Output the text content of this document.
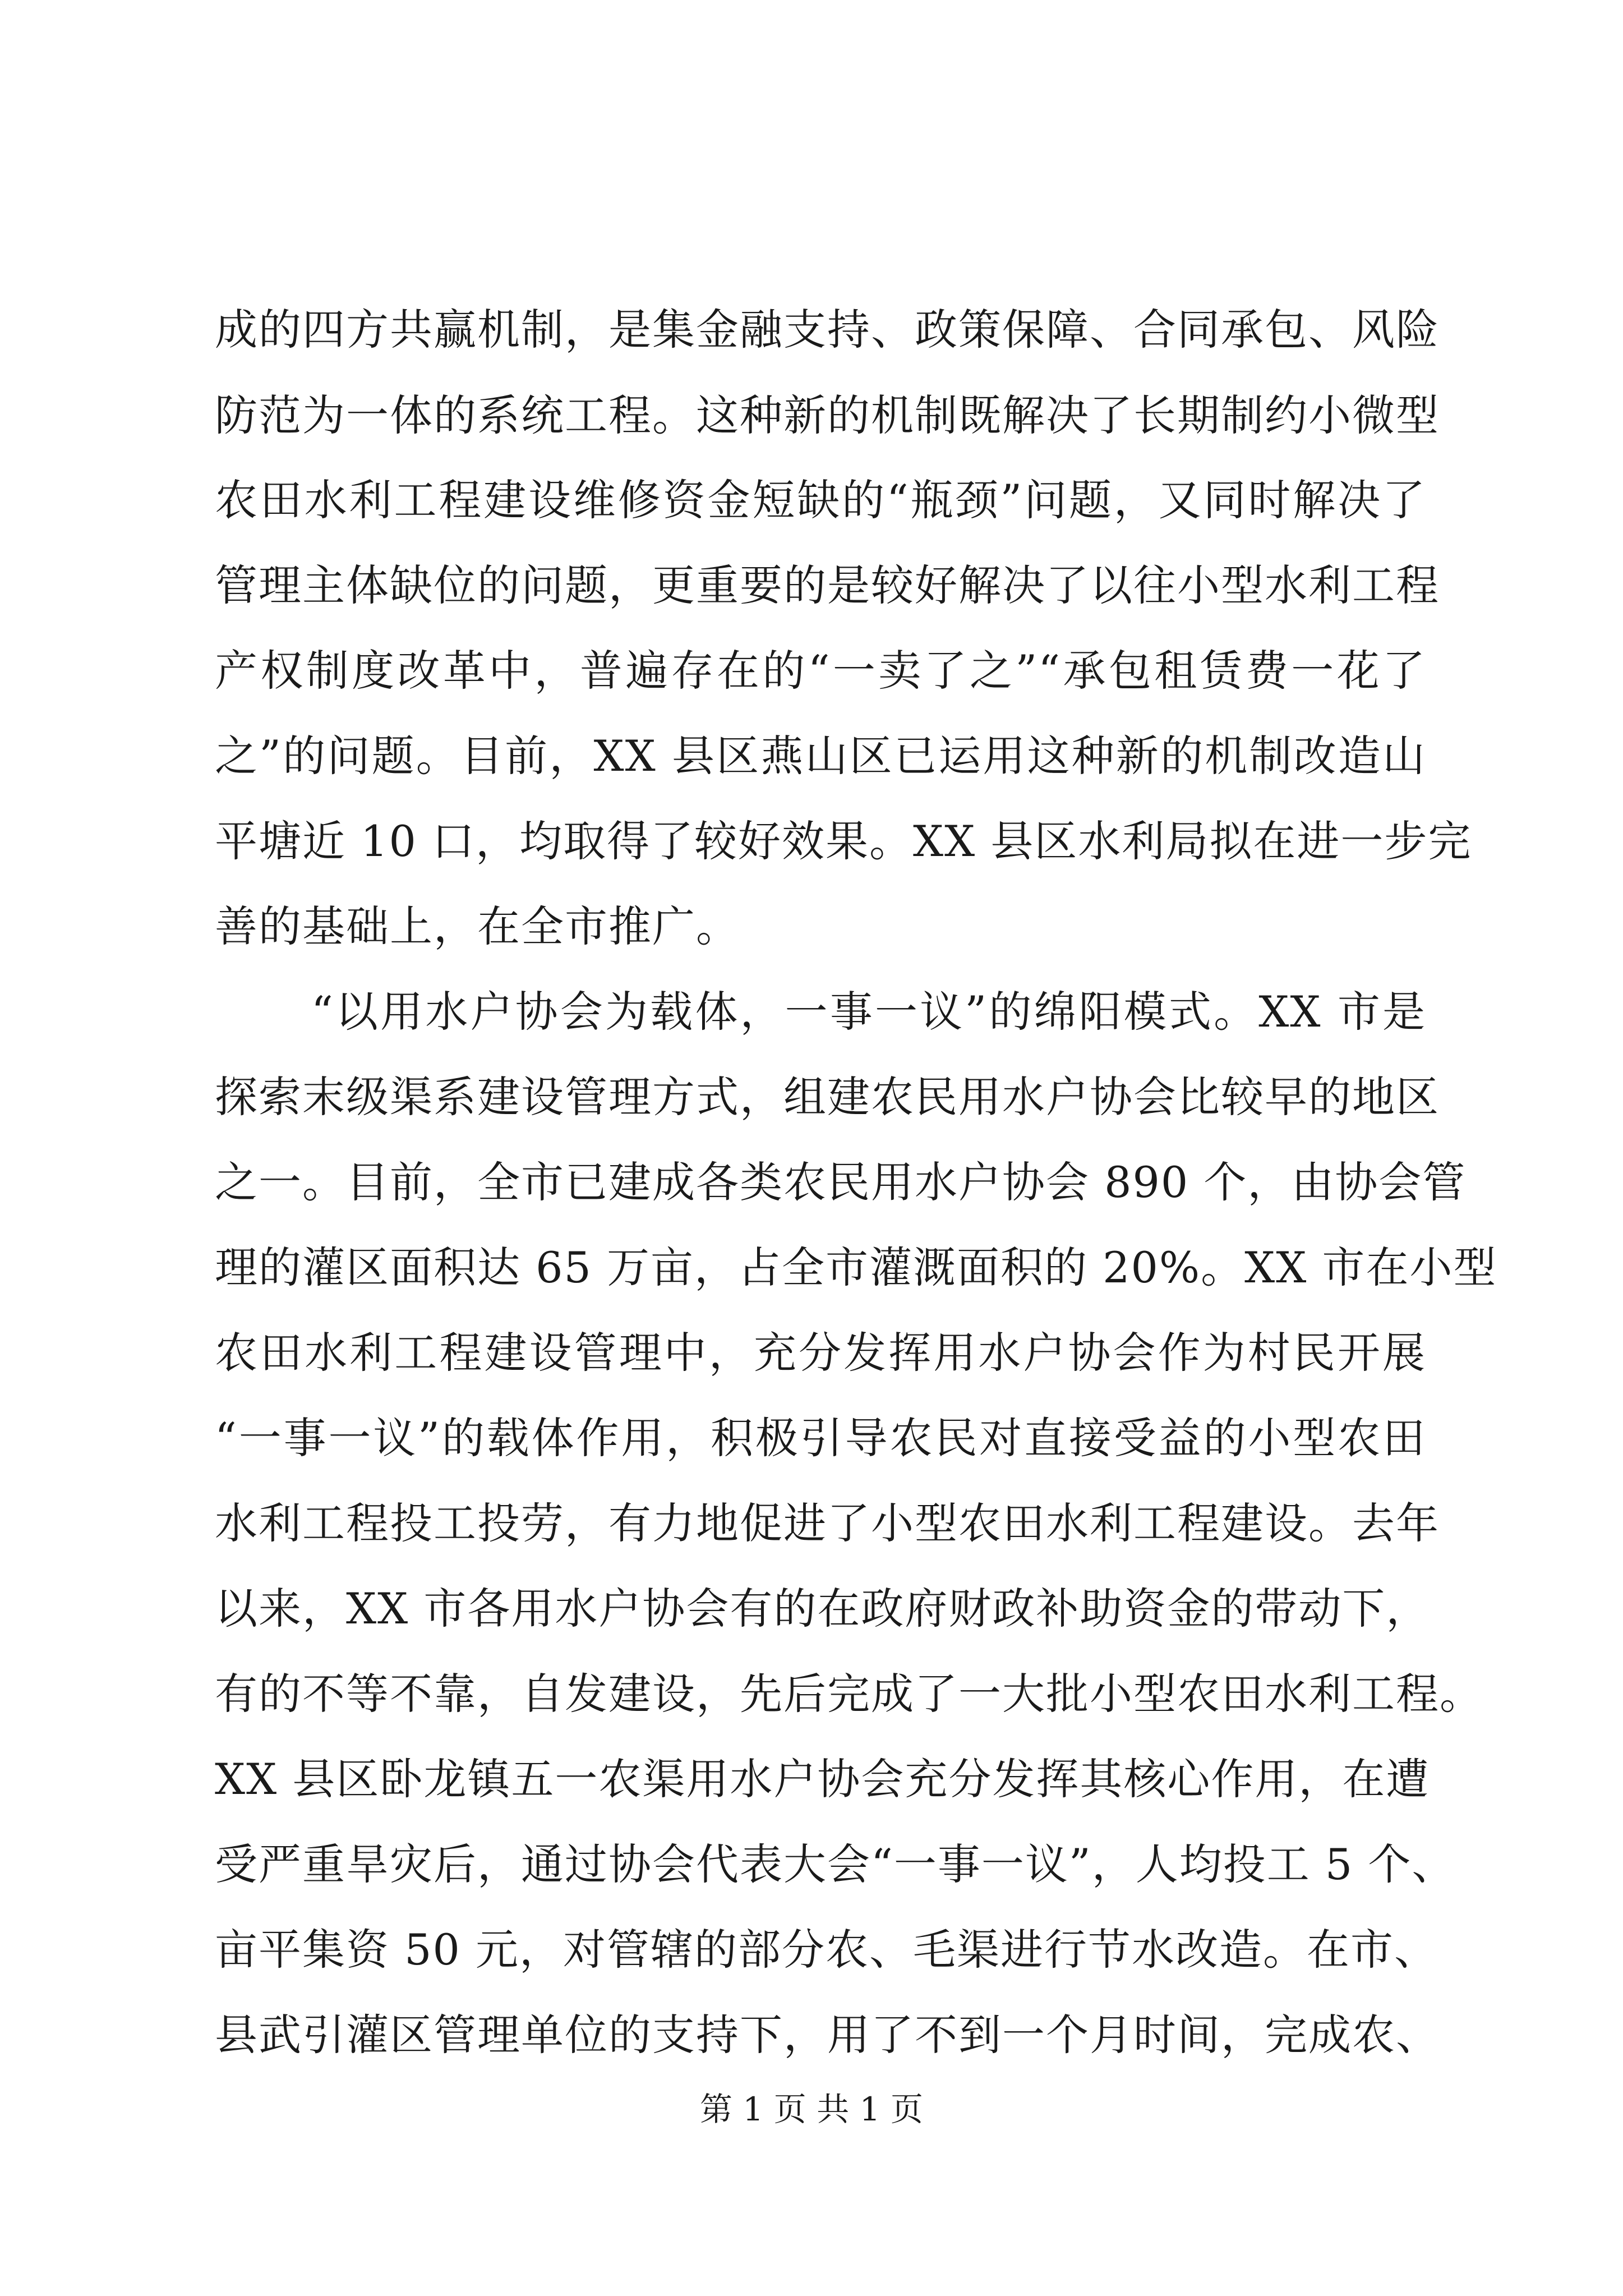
成的四方共赢机制，是集金融支持、政策保障、合同承包、风险
防范为一体的系统工程。这种新的机制既解决了长期制约小微型
农田水利工程建设维修资金短缺的“瓶颈”问题，又同时解决了
管理主体缺位的问题，更重要的是较好解决了以往小型水利工程
产权制度改革中，普遍存在的“一卖了之”“承包租赁费一花了
之”的问题。目前，XX 县区燕山区已运用这种新的机制改造山
平塘近 10 口，均取得了较好效果。XX 县区水利局拟在进一步完
善的基础上，在全市推广。
“以用水户协会为载体，一事一议”的绵阳模式。XX 市是
探索末级渠系建设管理方式，组建农民用水户协会比较早的地区
之一。目前，全市已建成各类农民用水户协会 890 个，由协会管
理的灌区面积达 65 万亩，占全市灌溉面积的 20%。XX 市在小型
农田水利工程建设管理中，充分发挥用水户协会作为村民开展
“一事一议”的载体作用，积极引导农民对直接受益的小型农田
水利工程投工投劳，有力地促进了小型农田水利工程建设。去年
以来，XX 市各用水户协会有的在政府财政补助资金的带动下，
有的不等不靠，自发建设，先后完成了一大批小型农田水利工程。
XX 县区卧龙镇五一农渠用水户协会充分发挥其核心作用，在遭
受严重旱灾后，通过协会代表大会“一事一议”，人均投工 5 个、
亩平集资 50 元，对管辖的部分农、毛渠进行节水改造。在市、
县武引灌区管理单位的支持下，用了不到一个月时间，完成农、
第 1 页 共 1 页
